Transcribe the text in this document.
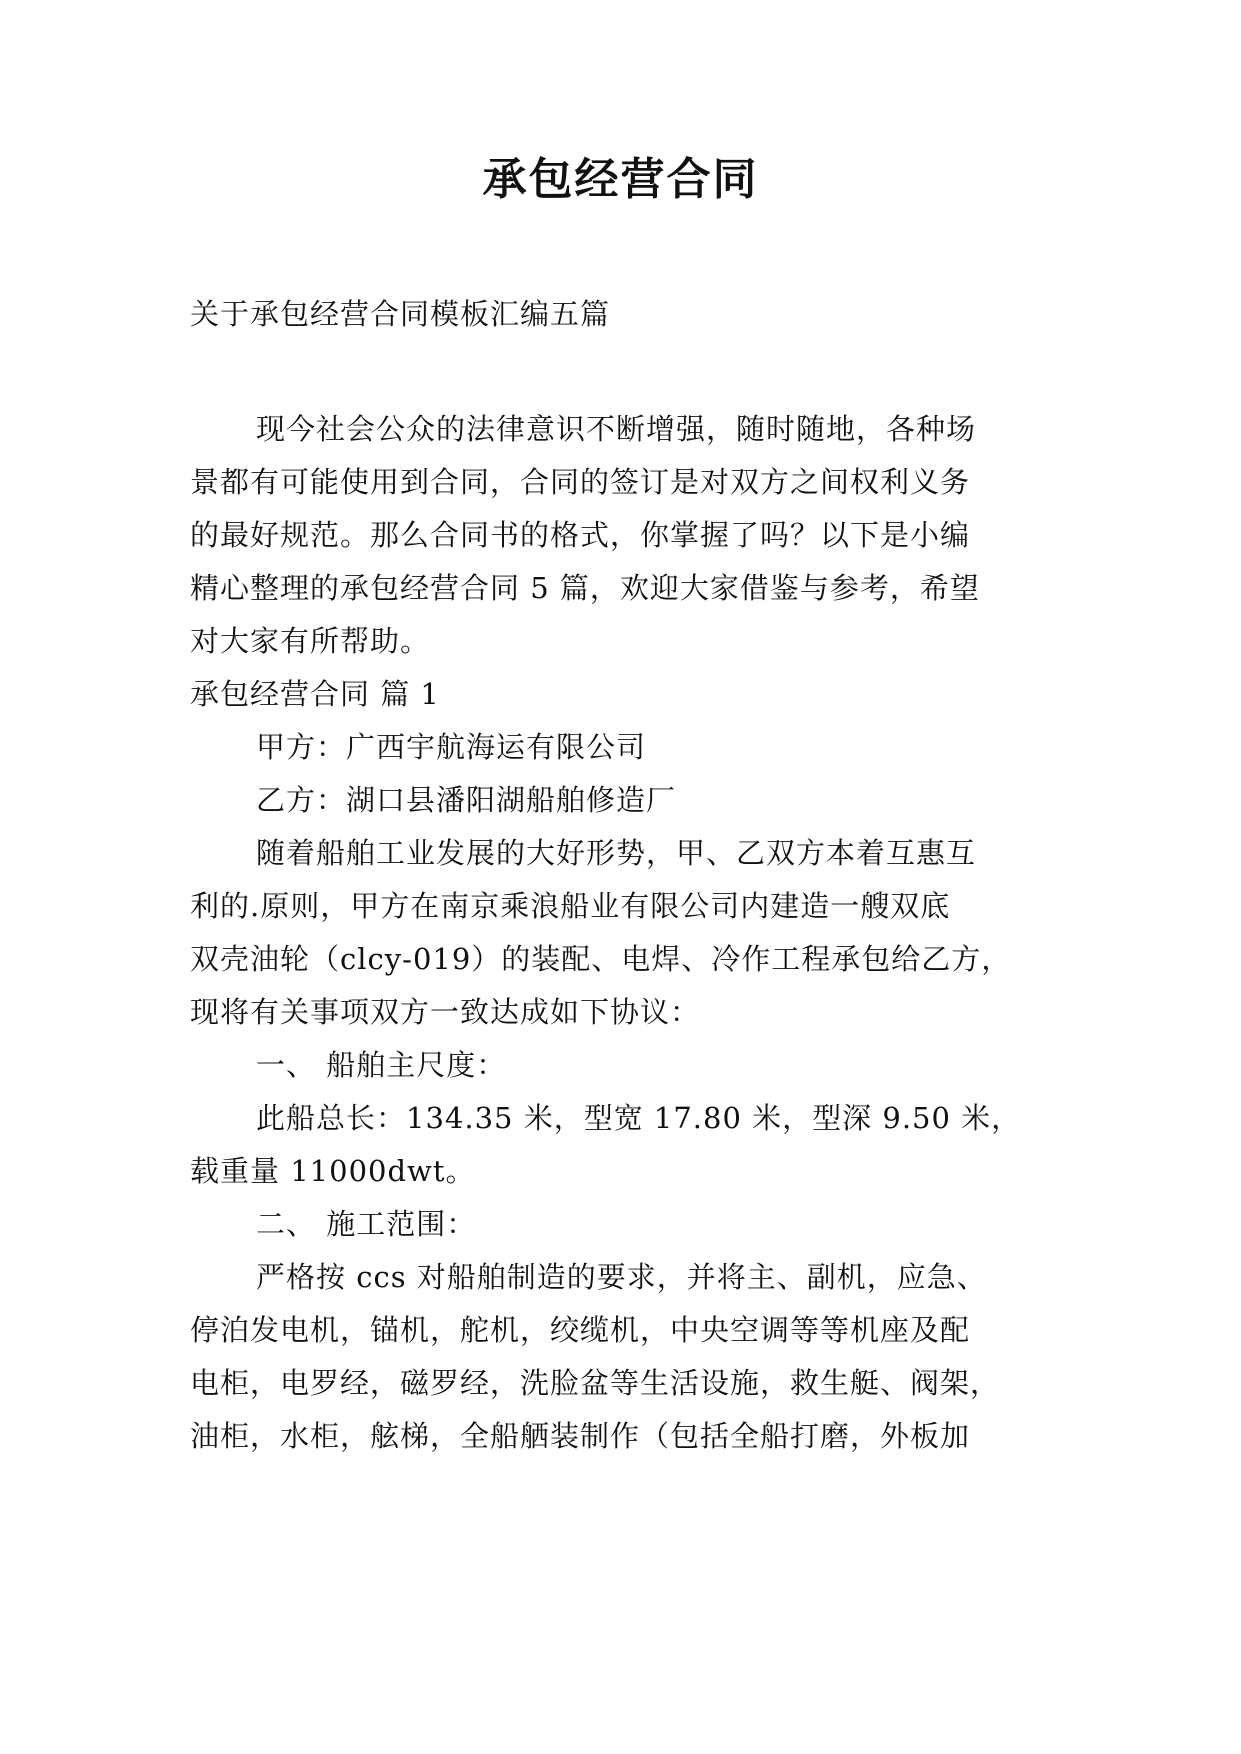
承包经营合同

关于承包经营合同模板汇编五篇

现今社会公众的法律意识不断增强，随时随地，各种场
景都有可能使用到合同，合同的签订是对双方之间权利义务
的最好规范。那么合同书的格式，你掌握了吗？以下是小编
精心整理的承包经营合同 5 篇，欢迎大家借鉴与参考，希望
对大家有所帮助。

承包经营合同 篇 1

甲方：广西宇航海运有限公司

乙方：湖口县潘阳湖船舶修造厂

随着船舶工业发展的大好形势，甲、乙双方本着互惠互
利的.原则，甲方在南京乘浪船业有限公司内建造一艘双底
双壳油轮（clcy-019）的装配、电焊、冷作工程承包给乙方，
现将有关事项双方一致达成如下协议：

一、 船舶主尺度：

此船总长：134.35 米，型宽 17.80 米，型深 9.50 米，
载重量 11000dwt。

二、 施工范围：

严格按 ccs 对船舶制造的要求，并将主、副机，应急、
停泊发电机，锚机，舵机，绞缆机，中央空调等等机座及配
电柜，电罗经，磁罗经，洗脸盆等生活设施，救生艇、阀架，
油柜，水柜，舷梯，全船舾装制作（包括全船打磨，外板加
